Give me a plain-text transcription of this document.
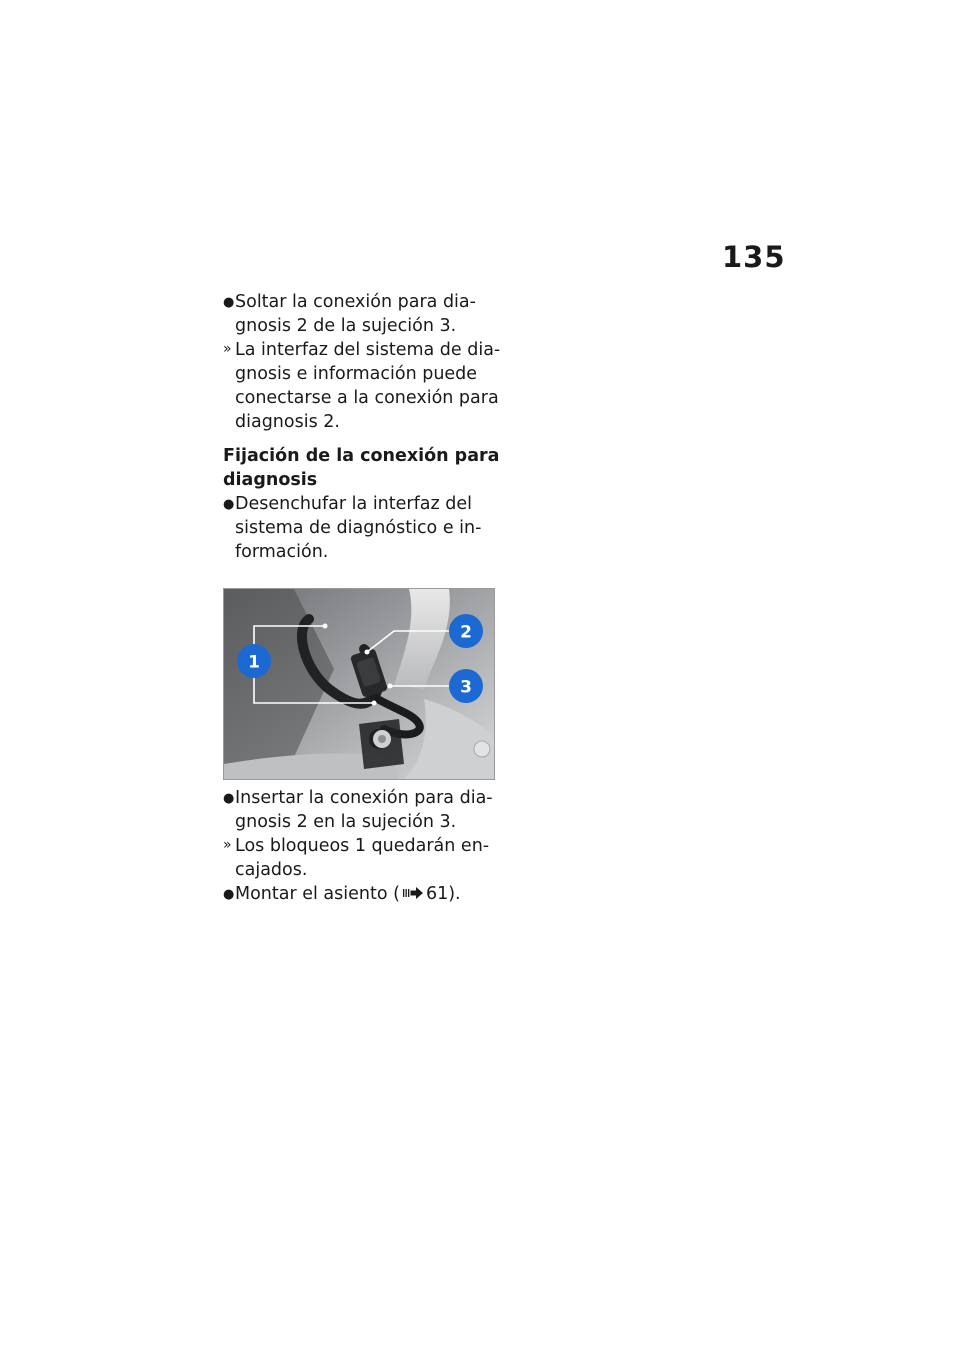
135
● Soltar la conexión para dia-
gnosis 2 de la sujeción 3.
» La interfaz del sistema de dia-
gnosis e información puede
conectarse a la conexión para
diagnosis 2.
Fijación de la conexión para
diagnosis
● Desenchufar la interfaz del
sistema de diagnóstico e in-
formación.
1
2
3
● Insertar la conexión para dia-
gnosis 2 en la sujeción 3.
» Los bloqueos 1 quedarán en-
cajados.
● Montar el asiento ( 61).
